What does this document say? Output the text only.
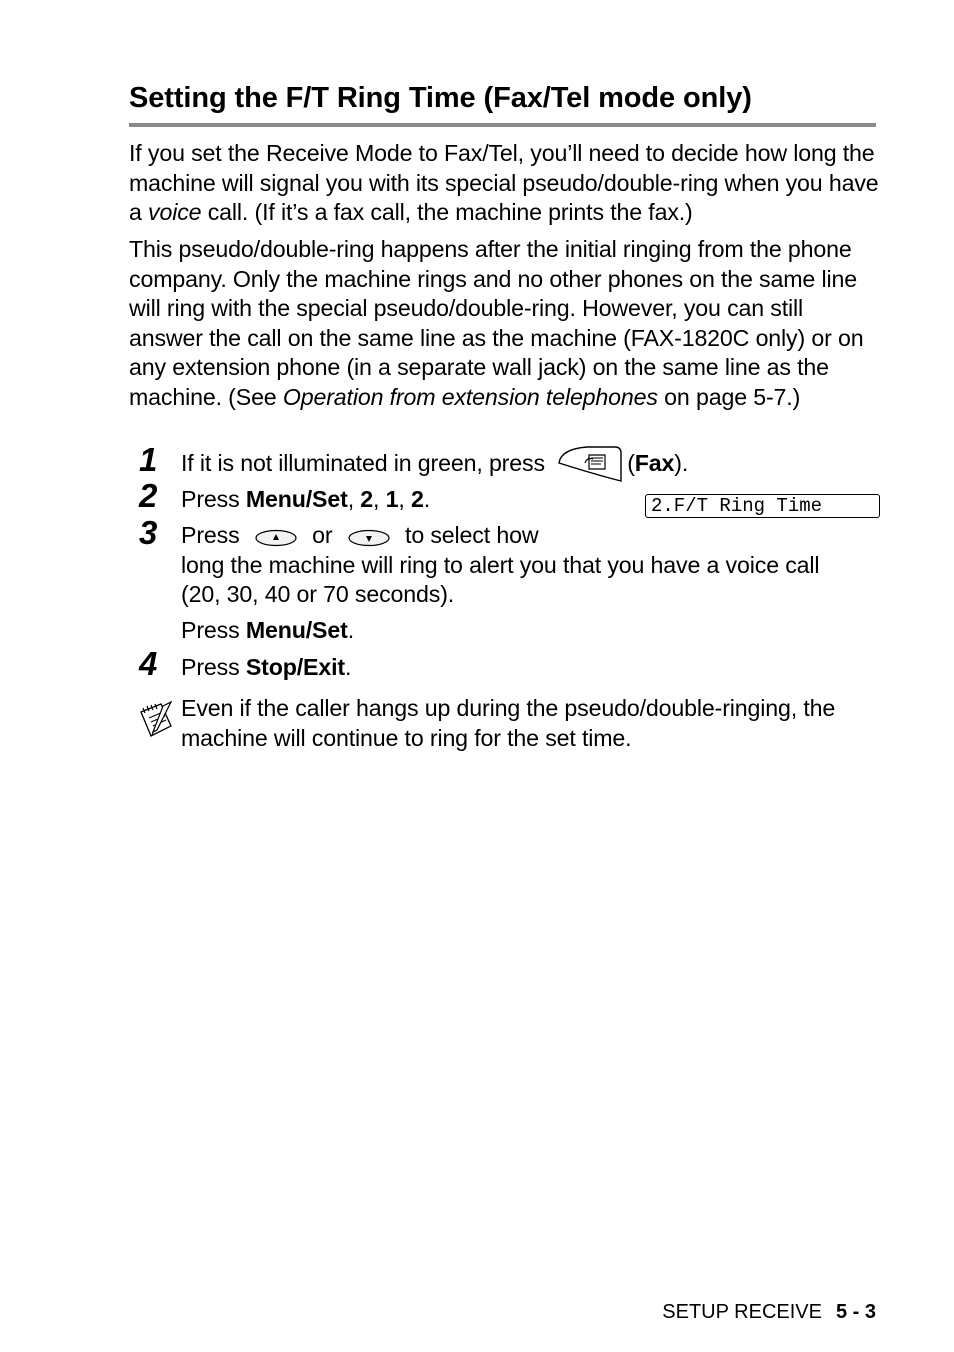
Setting the F/T Ring Time (Fax/Tel mode only)

If you set the Receive Mode to Fax/Tel, you’ll need to decide how long the machine will signal you with its special pseudo/double-ring when you have a voice call. (If it’s a fax call, the machine prints the fax.)

This pseudo/double-ring happens after the initial ringing from the phone company. Only the machine rings and no other phones on the same line will ring with the special pseudo/double-ring. However, you can still answer the call on the same line as the machine (FAX-1820C only) or on any extension phone (in a separate wall jack) on the same line as the machine. (See Operation from extension telephones on page 5-7.)

1 If it is not illuminated in green, press	(Fax).
2 Press Menu/Set, 2, 1, 2.	2.F/T Ring Time
3 Press	or	to select how
long the machine will ring to alert you that you have a voice call
(20, 30, 40 or 70 seconds).
Press Menu/Set.
4 Press Stop/Exit.
Even if the caller hangs up during the pseudo/double-ringing, the machine will continue to ring for the set time.
SETUP RECEIVE 5 - 3
